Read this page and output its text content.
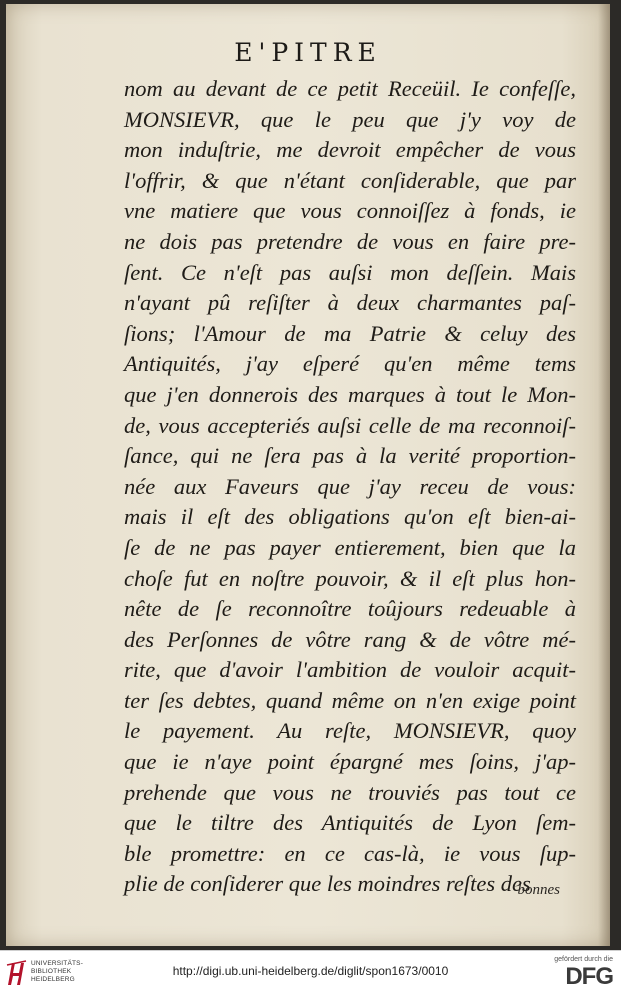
E'PITRE
nom au devant de ce petit Receüil. Ie confeſſe,
MONSIEVR, que le peu que j'y voy de
mon induſtrie, me devroit empêcher de vous
l'offrir, & que n'étant conſiderable, que par
vne matiere que vous connoiſſez à fonds, ie
ne dois pas pretendre de vous en faire pre-
ſent. Ce n'eſt pas auſsi mon deſſein. Mais
n'ayant pû reſiſter à deux charmantes paſ-
ſions; l'Amour de ma Patrie & celuy des
Antiquités, j'ay eſperé qu'en même tems
que j'en donnerois des marques à tout le Mon-
de, vous accepteriés auſsi celle de ma reconnoiſ-
ſance, qui ne ſera pas à la verité proportion-
née aux Faveurs que j'ay receu de vous:
mais il eſt des obligations qu'on eſt bien-ai-
ſe de ne pas payer entierement, bien que la
choſe fut en noſtre pouvoir, & il eſt plus hon-
nête de ſe reconnoître toûjours redeuable à
des Perſonnes de vôtre rang & de vôtre mé-
rite, que d'avoir l'ambition de vouloir acquit-
ter ſes debtes, quand même on n'en exige point
le payement. Au reſte, MONSIEVR, quoy
que ie n'aye point épargné mes ſoins, j'ap-
prehende que vous ne trouviés pas tout ce
que le tiltre des Antiquités de Lyon ſem-
ble promettre: en ce cas-là, ie vous ſup-
plie de conſiderer que les moindres reſtes des
bonnes
UNIVERSITÄTS-
BIBLIOTHEK
HEIDELBERG
http://digi.ub.uni-heidelberg.de/diglit/spon1673/0010
gefördert durch die
DFG
